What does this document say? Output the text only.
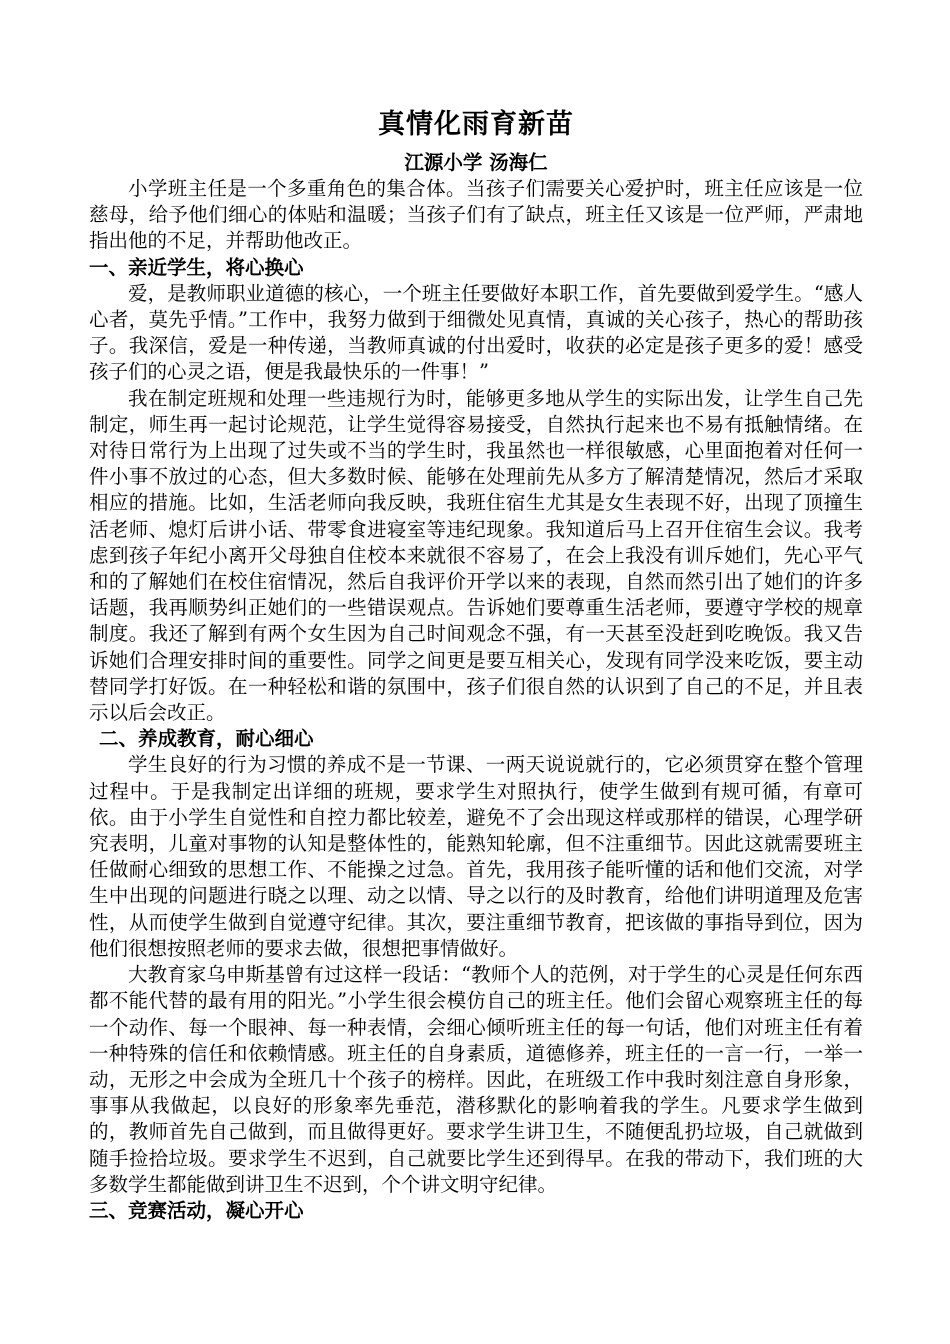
真情化雨育新苗

江源小学 汤海仁

小学班主任是一个多重角色的集合体。当孩子们需要关心爱护时，班主任应该是一位慈母，给予他们细心的体贴和温暖；当孩子们有了缺点，班主任又该是一位严师，严肃地指出他的不足，并帮助他改正。

一、亲近学生，将心换心

爱，是教师职业道德的核心，一个班主任要做好本职工作，首先要做到爱学生。“感人心者，莫先乎情。”工作中，我努力做到于细微处见真情，真诚的关心孩子，热心的帮助孩子。我深信，爱是一种传递，当教师真诚的付出爱时，收获的必定是孩子更多的爱！感受孩子们的心灵之语，便是我最快乐的一件事！”

我在制定班规和处理一些违规行为时，能够更多地从学生的实际出发，让学生自己先制定，师生再一起讨论规范，让学生觉得容易接受，自然执行起来也不易有抵触情绪。在对待日常行为上出现了过失或不当的学生时，我虽然也一样很敏感，心里面抱着对任何一件小事不放过的心态，但大多数时候、能够在处理前先从多方了解清楚情况，然后才采取相应的措施。比如，生活老师向我反映，我班住宿生尤其是女生表现不好，出现了顶撞生活老师、熄灯后讲小话、带零食进寝室等违纪现象。我知道后马上召开住宿生会议。我考虑到孩子年纪小离开父母独自住校本来就很不容易了，在会上我没有训斥她们，先心平气和的了解她们在校住宿情况，然后自我评价开学以来的表现，自然而然引出了她们的许多话题，我再顺势纠正她们的一些错误观点。告诉她们要尊重生活老师，要遵守学校的规章制度。我还了解到有两个女生因为自己时间观念不强，有一天甚至没赶到吃晚饭。我又告诉她们合理安排时间的重要性。同学之间更是要互相关心，发现有同学没来吃饭，要主动替同学打好饭。在一种轻松和谐的氛围中，孩子们很自然的认识到了自己的不足，并且表示以后会改正。

二、养成教育，耐心细心

学生良好的行为习惯的养成不是一节课、一两天说说就行的，它必须贯穿在整个管理过程中。于是我制定出详细的班规，要求学生对照执行，使学生做到有规可循，有章可依。由于小学生自觉性和自控力都比较差，避免不了会出现这样或那样的错误，心理学研究表明，儿童对事物的认知是整体性的，能熟知轮廓，但不注重细节。因此这就需要班主任做耐心细致的思想工作、不能操之过急。首先，我用孩子能听懂的话和他们交流，对学生中出现的问题进行晓之以理、动之以情、导之以行的及时教育，给他们讲明道理及危害性，从而使学生做到自觉遵守纪律。其次，要注重细节教育，把该做的事指导到位，因为他们很想按照老师的要求去做，很想把事情做好。

大教育家乌申斯基曾有过这样一段话：“教师个人的范例，对于学生的心灵是任何东西都不能代替的最有用的阳光。”小学生很会模仿自己的班主任。他们会留心观察班主任的每一个动作、每一个眼神、每一种表情，会细心倾听班主任的每一句话，他们对班主任有着一种特殊的信任和依赖情感。班主任的自身素质，道德修养，班主任的一言一行，一举一动，无形之中会成为全班几十个孩子的榜样。因此，在班级工作中我时刻注意自身形象，事事从我做起，以良好的形象率先垂范，潜移默化的影响着我的学生。凡要求学生做到的，教师首先自己做到，而且做得更好。要求学生讲卫生，不随便乱扔垃圾，自己就做到随手捡拾垃圾。要求学生不迟到，自己就要比学生还到得早。在我的带动下，我们班的大多数学生都能做到讲卫生不迟到，个个讲文明守纪律。

三、竞赛活动，凝心开心
